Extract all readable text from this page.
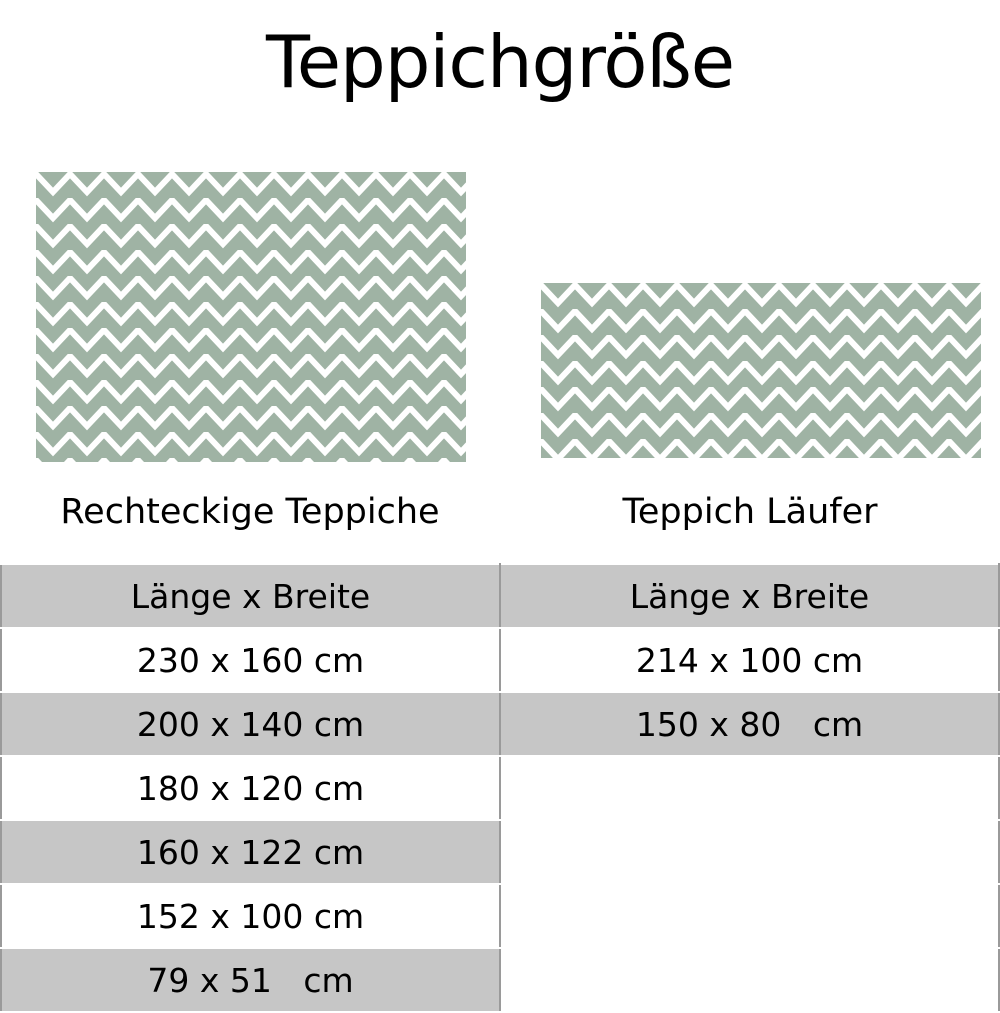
Teppichgröße
Rechteckige Teppiche	Teppich Läufer
Länge x Breite	Länge x Breite
230 x 160 cm	214 x 100 cm
200 x 140 cm	150 x 80   cm
180 x 120 cm	
160 x 122 cm	
152 x 100 cm	
79 x 51   cm	
